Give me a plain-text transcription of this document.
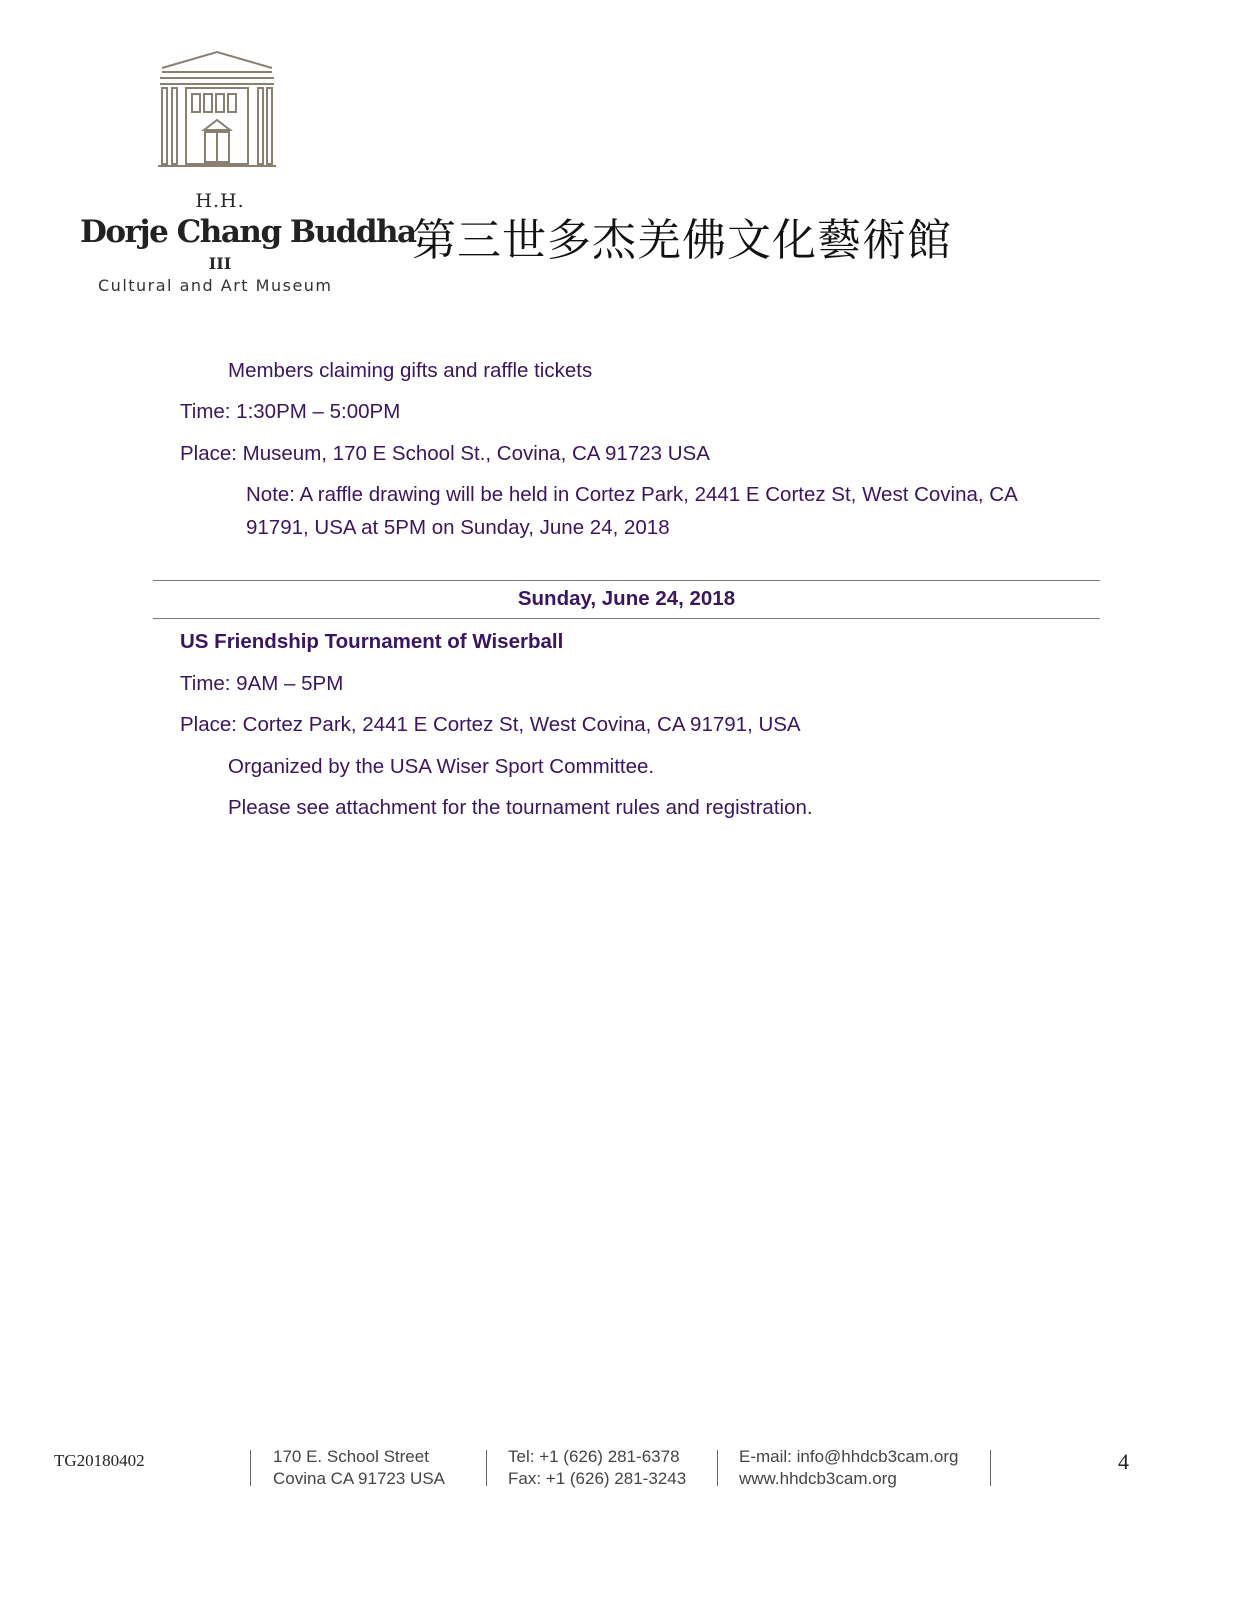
H.H.
Dorje Chang Buddha
III
Cultural and Art Museum
第三世多杰羌佛文化藝術館
Members claiming gifts and raffle tickets
Time: 1:30PM – 5:00PM
Place: Museum, 170 E School St., Covina, CA 91723 USA
Note: A raffle drawing will be held in Cortez Park, 2441 E Cortez St, West Covina, CA
91791, USA at 5PM on Sunday, June 24, 2018
Sunday, June 24, 2018
US Friendship Tournament of Wiserball
Time: 9AM – 5PM
Place: Cortez Park, 2441 E Cortez St, West Covina, CA 91791, USA
Organized by the USA Wiser Sport Committee.
Please see attachment for the tournament rules and registration.
TG20180402	170 E. School Street
Covina CA 91723 USA
Tel: +1 (626) 281-6378
Fax: +1 (626) 281-3243
E-mail: info@hhdcb3cam.org
www.hhdcb3cam.org
4
